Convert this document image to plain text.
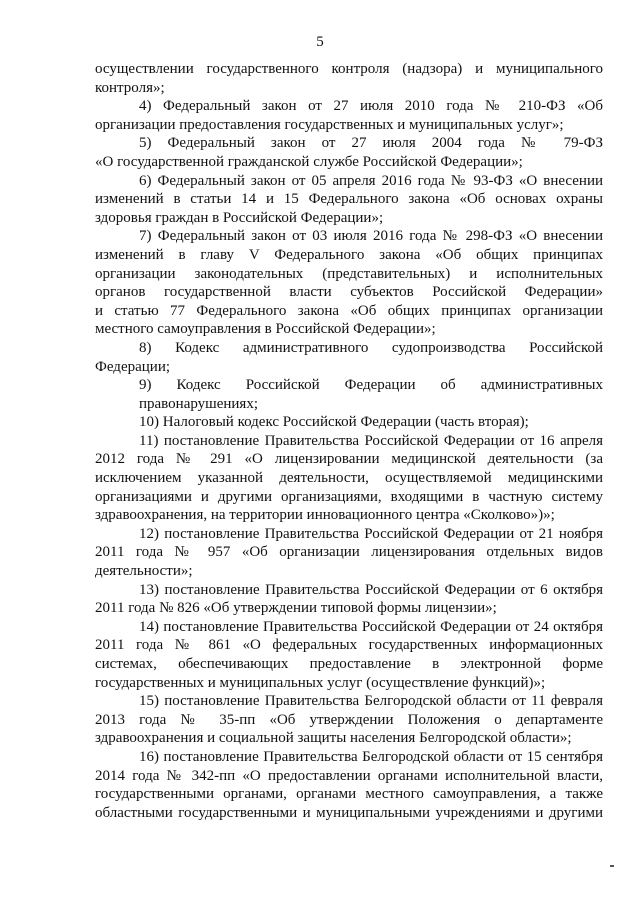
5
осуществлении государственного контроля (надзора) и муниципального
контроля»;
4) Федеральный закон от 27 июля 2010 года № 210-ФЗ «Об
организации предоставления государственных и муниципальных услуг»;
5) Федеральный закон от 27 июля 2004 года № 79-ФЗ
«О государственной гражданской службе Российской Федерации»;
6) Федеральный закон от 05 апреля 2016 года № 93-ФЗ «О внесении
изменений в статьи 14 и 15 Федерального закона «Об основах охраны
здоровья граждан в Российской Федерации»;
7) Федеральный закон от 03 июля 2016 года № 298-ФЗ «О внесении
изменений в главу V Федерального закона «Об общих принципах
организации законодательных (представительных) и исполнительных
органов государственной власти субъектов Российской Федерации»
и статью 77 Федерального закона «Об общих принципах организации
местного самоуправления в Российской Федерации»;
8) Кодекс административного судопроизводства Российской
Федерации;
9) Кодекс Российской Федерации об административных
правонарушениях;
10) Налоговый кодекс Российской Федерации (часть вторая);
11) постановление Правительства Российской Федерации от 16 апреля
2012 года № 291 «О лицензировании медицинской деятельности (за
исключением указанной деятельности, осуществляемой медицинскими
организациями и другими организациями, входящими в частную систему
здравоохранения, на территории инновационного центра «Сколково»)»;
12) постановление Правительства Российской Федерации от 21 ноября
2011 года № 957 «Об организации лицензирования отдельных видов
деятельности»;
13) постановление Правительства Российской Федерации от 6 октября
2011 года № 826 «Об утверждении типовой формы лицензии»;
14) постановление Правительства Российской Федерации от 24 октября
2011 года № 861 «О федеральных государственных информационных
системах, обеспечивающих предоставление в электронной форме
государственных и муниципальных услуг (осуществление функций)»;
15) постановление Правительства Белгородской области от 11 февраля
2013 года № 35-пп «Об утверждении Положения о департаменте
здравоохранения и социальной защиты населения Белгородской области»;
16) постановление Правительства Белгородской области от 15 сентября
2014 года № 342-пп «О предоставлении органами исполнительной власти,
государственными органами, органами местного самоуправления, а также
областными государственными и муниципальными учреждениями и другими
